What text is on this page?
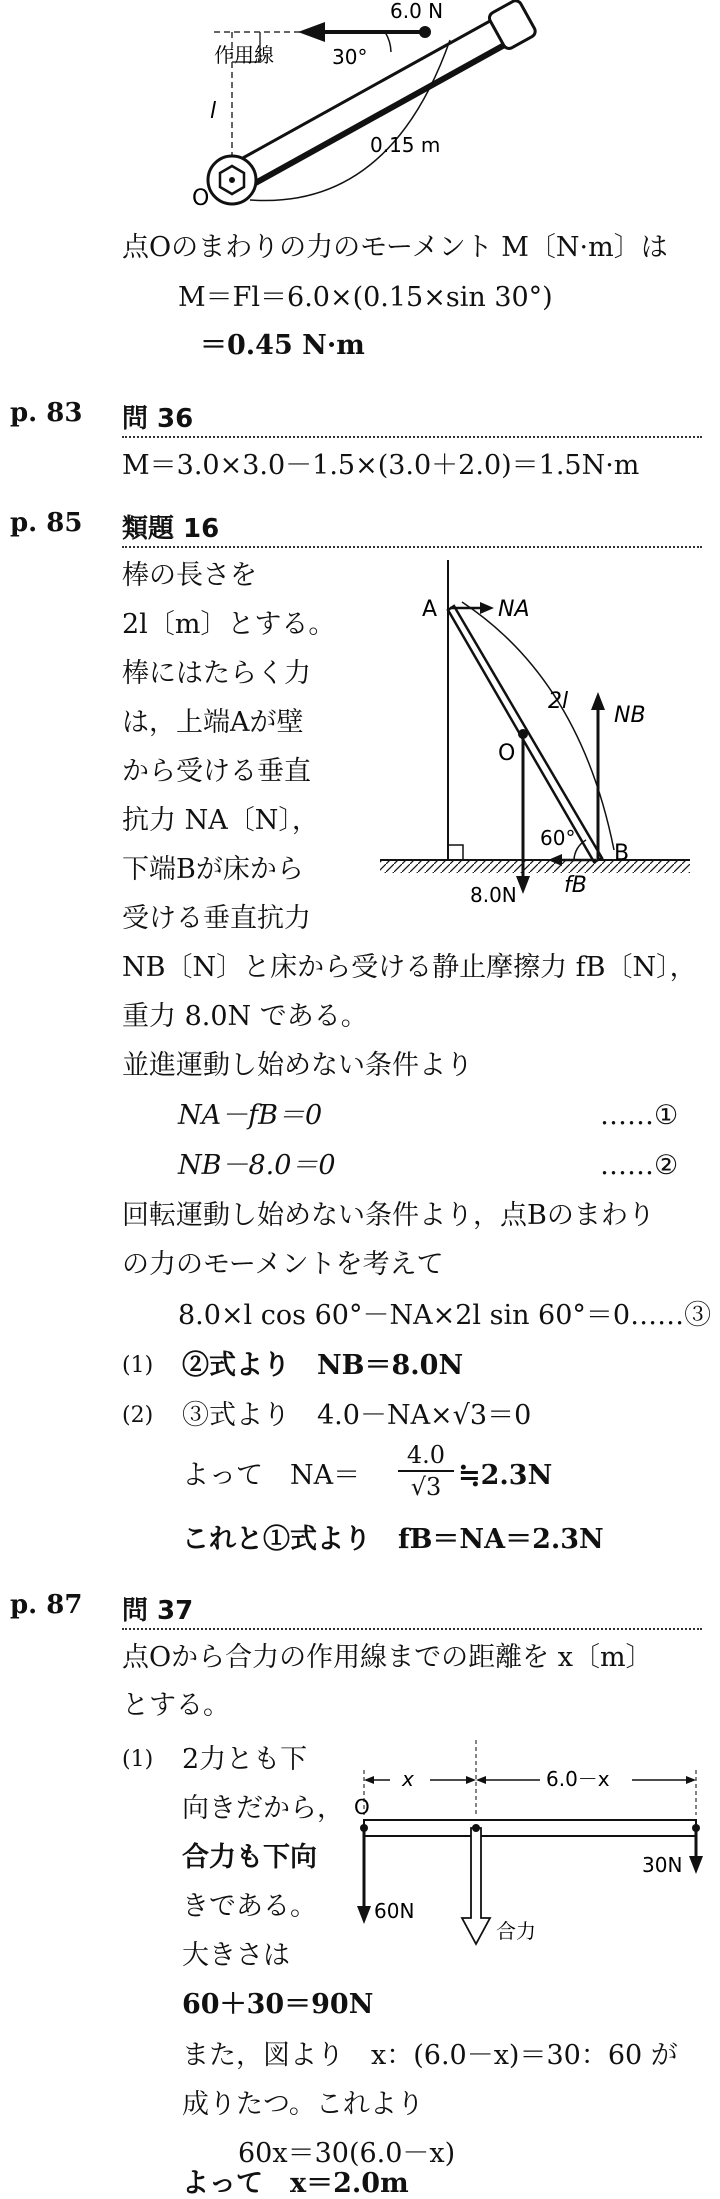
6.0 N
作用線	30°
l
0.15 m
O
点Oのまわりの力のモーメント M〔N·m〕は
M＝Fl＝6.0×(0.15×sin 30°)
＝0.45 N·m
p. 83 問 36
M＝3.0×3.0－1.5×(3.0＋2.0)＝1.5N·m
p. 85 類題 16
棒の長さを
2l〔m〕とする。
棒にはたらく力
は，上端Aが壁
から受ける垂直
抗力 NA〔N〕，
下端Bが床から
受ける垂直抗力
A	NA
2l
NB
O
60°
B
8.0N fB
NB〔N〕と床から受ける静止摩擦力 fB〔N〕，
重力 8.0N である。
並進運動し始めない条件より
NA－fB＝0	……①
NB－8.0＝0	……②
回転運動し始めない条件より，点Bのまわり
の力のモーメントを考えて
8.0×l cos 60°－NA×2l sin 60°＝0……③
(1) ②式より　NB＝8.0N
(2) ③式より　4.0－NA×√3＝0
よって　$NA= \frac{4.0}{√3}$ ≒2.3N
これと①式より　fB＝NA＝2.3N
p. 87 問 37
点Oから合力の作用線までの距離を x〔m〕
とする。
(1) 2力とも下
向きだから，
合力も下向
きである。
大きさは
60＋30＝90N
x	6.0－x
O
60N
30N
合力
また，図より　x：(6.0－x)＝30：60 が
成りたつ。これより
60x＝30(6.0－x)
よって　x＝2.0m
